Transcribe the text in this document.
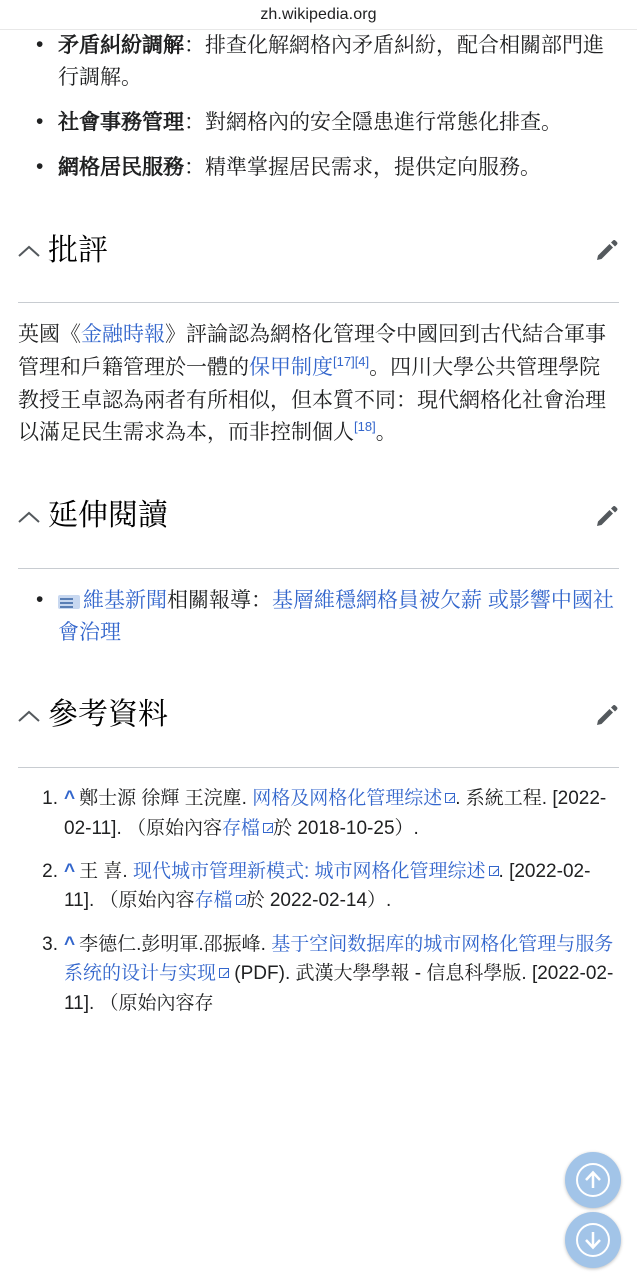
zh.wikipedia.org
• 矛盾糾紛調解：排查化解網格內矛盾糾紛，配合相關部門進行調解。
• 社會事務管理：對網格內的安全隱患進行常態化排查。
• 網格居民服務：精準掌握居民需求，提供定向服務。
批評

英國《金融時報》評論認為網格化管理令中國回到古代結合軍事管理和戶籍管理於一體的保甲制度[17][4]。四川大學公共管理學院教授王卓認為兩者有所相似，但本質不同：現代網格化社會治理以滿足民生需求為本，而非控制個人[18]。

延伸閱讀
• 維基新聞相關報導：基層維穩網格員被欠薪 或影響中國社會治理
參考資料
^ 鄭士源 徐輝 王浣塵. 网格及网格化管理综述 . 系統工程. [2022-02-11]. （原始內容存檔 於 2018-10-25）.
^ 王 喜. 现代城市管理新模式: 城市网格化管理综述 . [2022-02-11]. （原始內容存檔 於 2022-02-14）.
^ 李德仁.彭明軍.邵振峰. 基于空间数据库的城市网格化管理与服务系统的设计与实现 (PDF). 武漢大學學報 - 信息科學版. [2022-02-11]. （原始內容存
